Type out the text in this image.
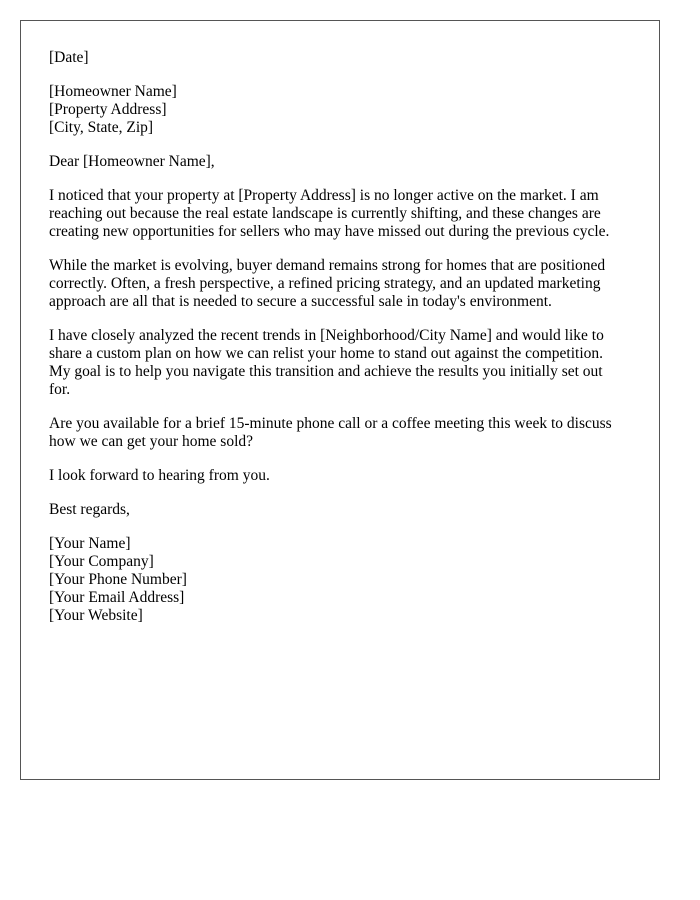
[Date]
[Homeowner Name]
[Property Address]
[City, State, Zip]
Dear [Homeowner Name],
I noticed that your property at [Property Address] is no longer active on the market. I am
reaching out because the real estate landscape is currently shifting, and these changes are
creating new opportunities for sellers who may have missed out during the previous cycle.
While the market is evolving, buyer demand remains strong for homes that are positioned
correctly. Often, a fresh perspective, a refined pricing strategy, and an updated marketing
approach are all that is needed to secure a successful sale in today's environment.
I have closely analyzed the recent trends in [Neighborhood/City Name] and would like to
share a custom plan on how we can relist your home to stand out against the competition.
My goal is to help you navigate this transition and achieve the results you initially set out
for.
Are you available for a brief 15-minute phone call or a coffee meeting this week to discuss
how we can get your home sold?
I look forward to hearing from you.
Best regards,
[Your Name]
[Your Company]
[Your Phone Number]
[Your Email Address]
[Your Website]
